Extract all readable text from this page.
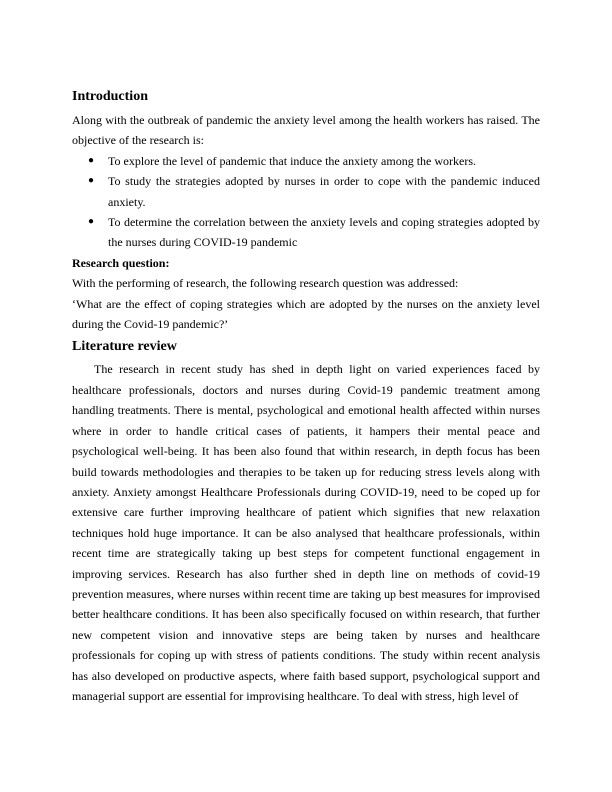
Introduction

Along with the outbreak of pandemic the anxiety level among the health workers has raised. The objective of the research is:

● To explore the level of pandemic that induce the anxiety among the workers.
● To study the strategies adopted by nurses in order to cope with the pandemic induced anxiety.
● To determine the correlation between the anxiety levels and coping strategies adopted by the nurses during COVID-19 pandemic

Research question:

With the performing of research, the following research question was addressed:

‘What are the effect of coping strategies which are adopted by the nurses on the anxiety level during the Covid-19 pandemic?’

Literature review

The research in recent study has shed in depth light on varied experiences faced by healthcare professionals, doctors and nurses during Covid-19 pandemic treatment among handling treatments. There is mental, psychological and emotional health affected within nurses where in order to handle critical cases of patients, it hampers their mental peace and psychological well-being. It has been also found that within research, in depth focus has been build towards methodologies and therapies to be taken up for reducing stress levels along with anxiety. Anxiety amongst Healthcare Professionals during COVID-19, need to be coped up for extensive care further improving healthcare of patient which signifies that new relaxation techniques hold huge importance. It can be also analysed that healthcare professionals, within recent time are strategically taking up best steps for competent functional engagement in improving services. Research has also further shed in depth line on methods of covid-19 prevention measures, where nurses within recent time are taking up best measures for improvised better healthcare conditions. It has been also specifically focused on within research, that further new competent vision and innovative steps are being taken by nurses and healthcare professionals for coping up with stress of patients conditions. The study within recent analysis has also developed on productive aspects, where faith based support, psychological support and managerial support are essential for improvising healthcare. To deal with stress, high level of
